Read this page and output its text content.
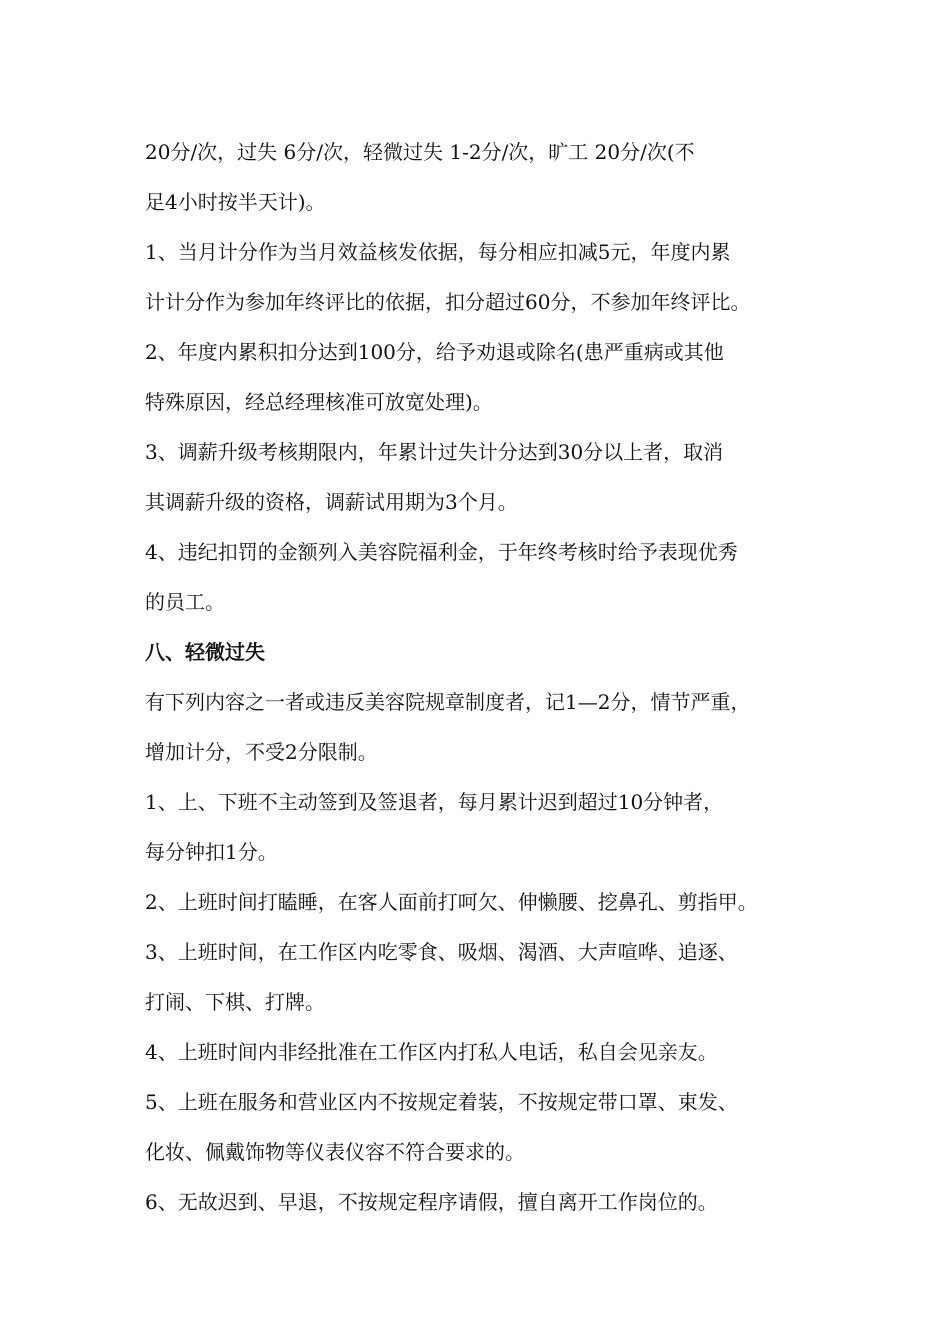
20分/次，过失 6分/次，轻微过失 1-2分/次，旷工 20分/次(不
足4小时按半天计)。
1、当月计分作为当月效益核发依据，每分相应扣减5元，年度内累
计计分作为参加年终评比的依据，扣分超过60分，不参加年终评比。
2、年度内累积扣分达到100分，给予劝退或除名(患严重病或其他
特殊原因，经总经理核准可放宽处理)。
3、调薪升级考核期限内，年累计过失计分达到30分以上者，取消
其调薪升级的资格，调薪试用期为3个月。
4、违纪扣罚的金额列入美容院福利金，于年终考核时给予表现优秀
的员工。
八、轻微过失
有下列内容之一者或违反美容院规章制度者，记1—2分，情节严重，
增加计分，不受2分限制。
1、上、下班不主动签到及签退者，每月累计迟到超过10分钟者，
每分钟扣1分。
2、上班时间打瞌睡，在客人面前打呵欠、伸懒腰、挖鼻孔、剪指甲。
3、上班时间，在工作区内吃零食、吸烟、渴酒、大声喧哗、追逐、
打闹、下棋、打牌。
4、上班时间内非经批准在工作区内打私人电话，私自会见亲友。
5、上班在服务和营业区内不按规定着装，不按规定带口罩、束发、
化妆、佩戴饰物等仪表仪容不符合要求的。
6、无故迟到、早退，不按规定程序请假，擅自离开工作岗位的。
